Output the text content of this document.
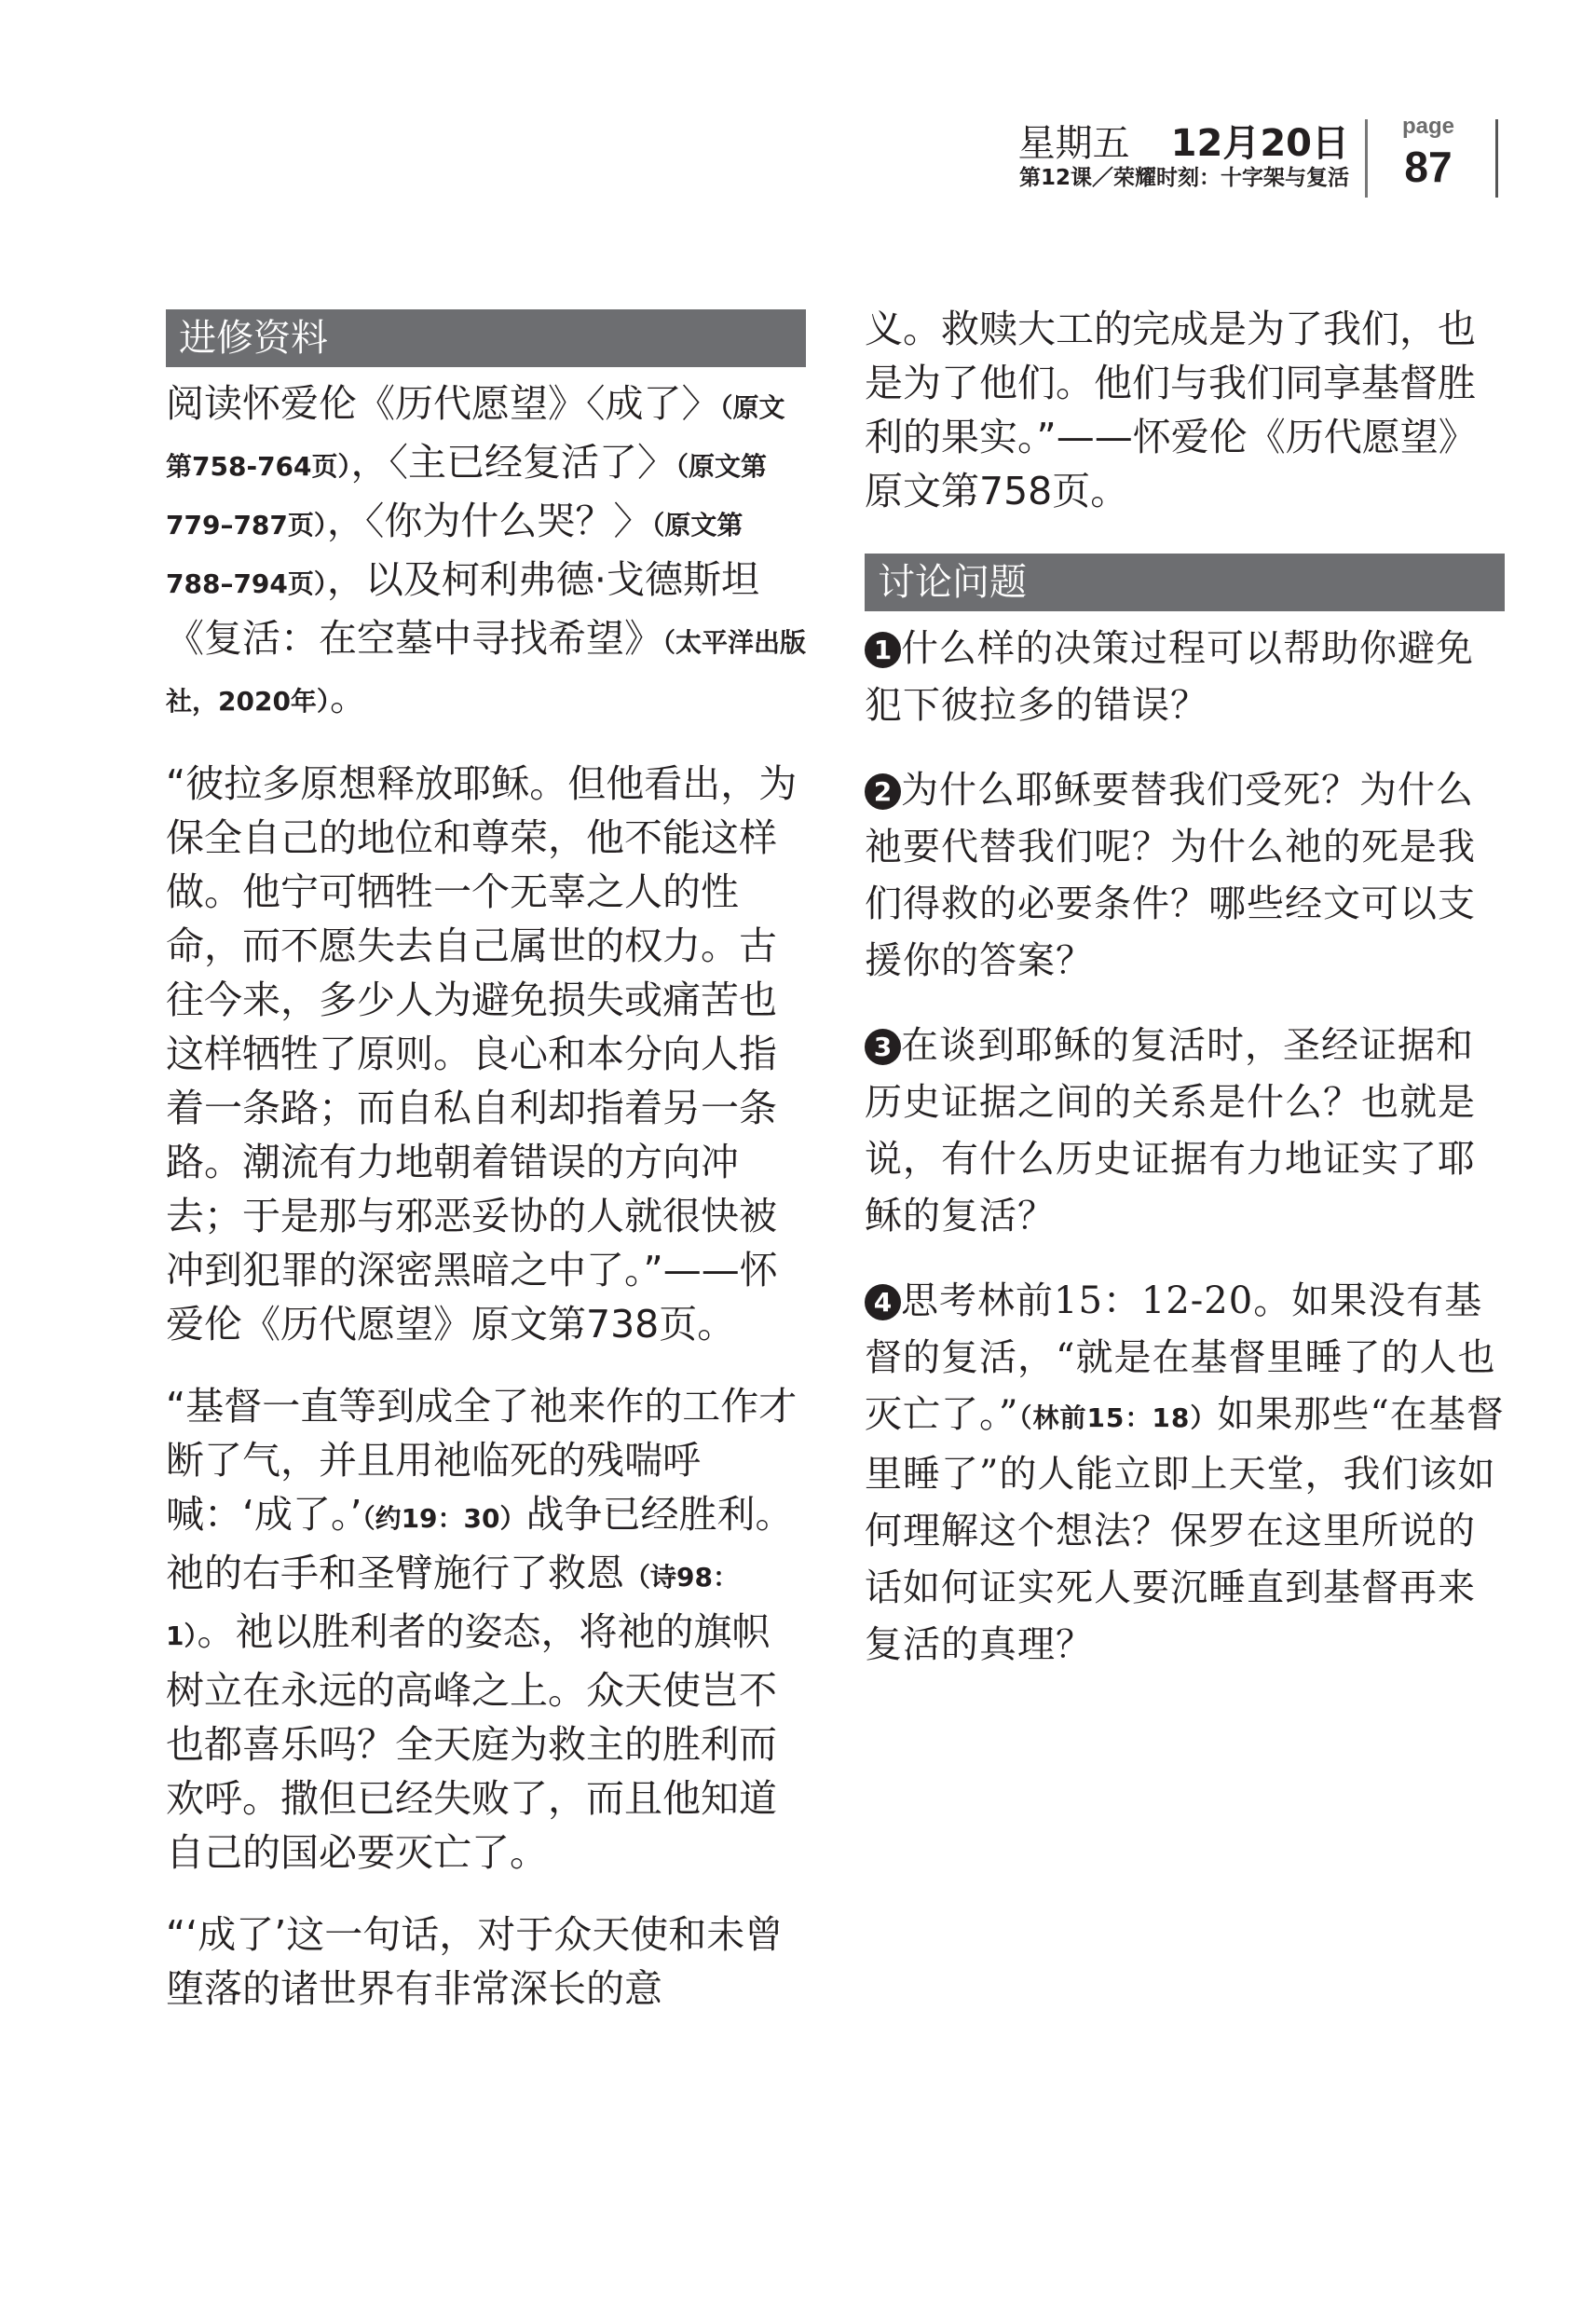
星期五 12月20日
第12课／荣耀时刻：十字架与复活
page
87
进修资料

阅读怀爱伦《历代愿望》〈成了〉（原文第758-764页），〈主已经复活了〉（原文第779–787页），〈你为什么哭？〉（原文第788–794页），以及柯利弗德·戈德斯坦《复活：在空墓中寻找希望》（太平洋出版社，2020年）。

“彼拉多原想释放耶稣。但他看出，为保全自己的地位和尊荣，他不能这样做。他宁可牺牲一个无辜之人的性命，而不愿失去自己属世的权力。古往今来，多少人为避免损失或痛苦也这样牺牲了原则。良心和本分向人指着一条路；而自私自利却指着另一条路。潮流有力地朝着错误的方向冲去；于是那与邪恶妥协的人就很快被冲到犯罪的深密黑暗之中了。”——怀爱伦《历代愿望》原文第738页。

“基督一直等到成全了祂来作的工作才断了气，并且用祂临死的残喘呼喊：‘成了。’（约19：30）战争已经胜利。祂的右手和圣臂施行了救恩（诗98：1）。祂以胜利者的姿态，将祂的旗帜树立在永远的高峰之上。众天使岂不也都喜乐吗？全天庭为救主的胜利而欢呼。撒但已经失败了，而且他知道自己的国必要灭亡了。

“‘成了’这一句话，对于众天使和未曾堕落的诸世界有非常深长的意

义。救赎大工的完成是为了我们，也是为了他们。他们与我们同享基督胜利的果实。”——怀爱伦《历代愿望》原文第758页。

讨论问题

1 什么样的决策过程可以帮助你避免犯下彼拉多的错误？

2 为什么耶稣要替我们受死？为什么祂要代替我们呢？为什么祂的死是我们得救的必要条件？哪些经文可以支援你的答案？

3 在谈到耶稣的复活时，圣经证据和历史证据之间的关系是什么？也就是说，有什么历史证据有力地证实了耶稣的复活？

4 思考林前15：12-20。如果没有基督的复活，“就是在基督里睡了的人也灭亡了。”（林前15：18）如果那些“在基督里睡了”的人能立即上天堂，我们该如何理解这个想法？保罗在这里所说的话如何证实死人要沉睡直到基督再来复活的真理？
